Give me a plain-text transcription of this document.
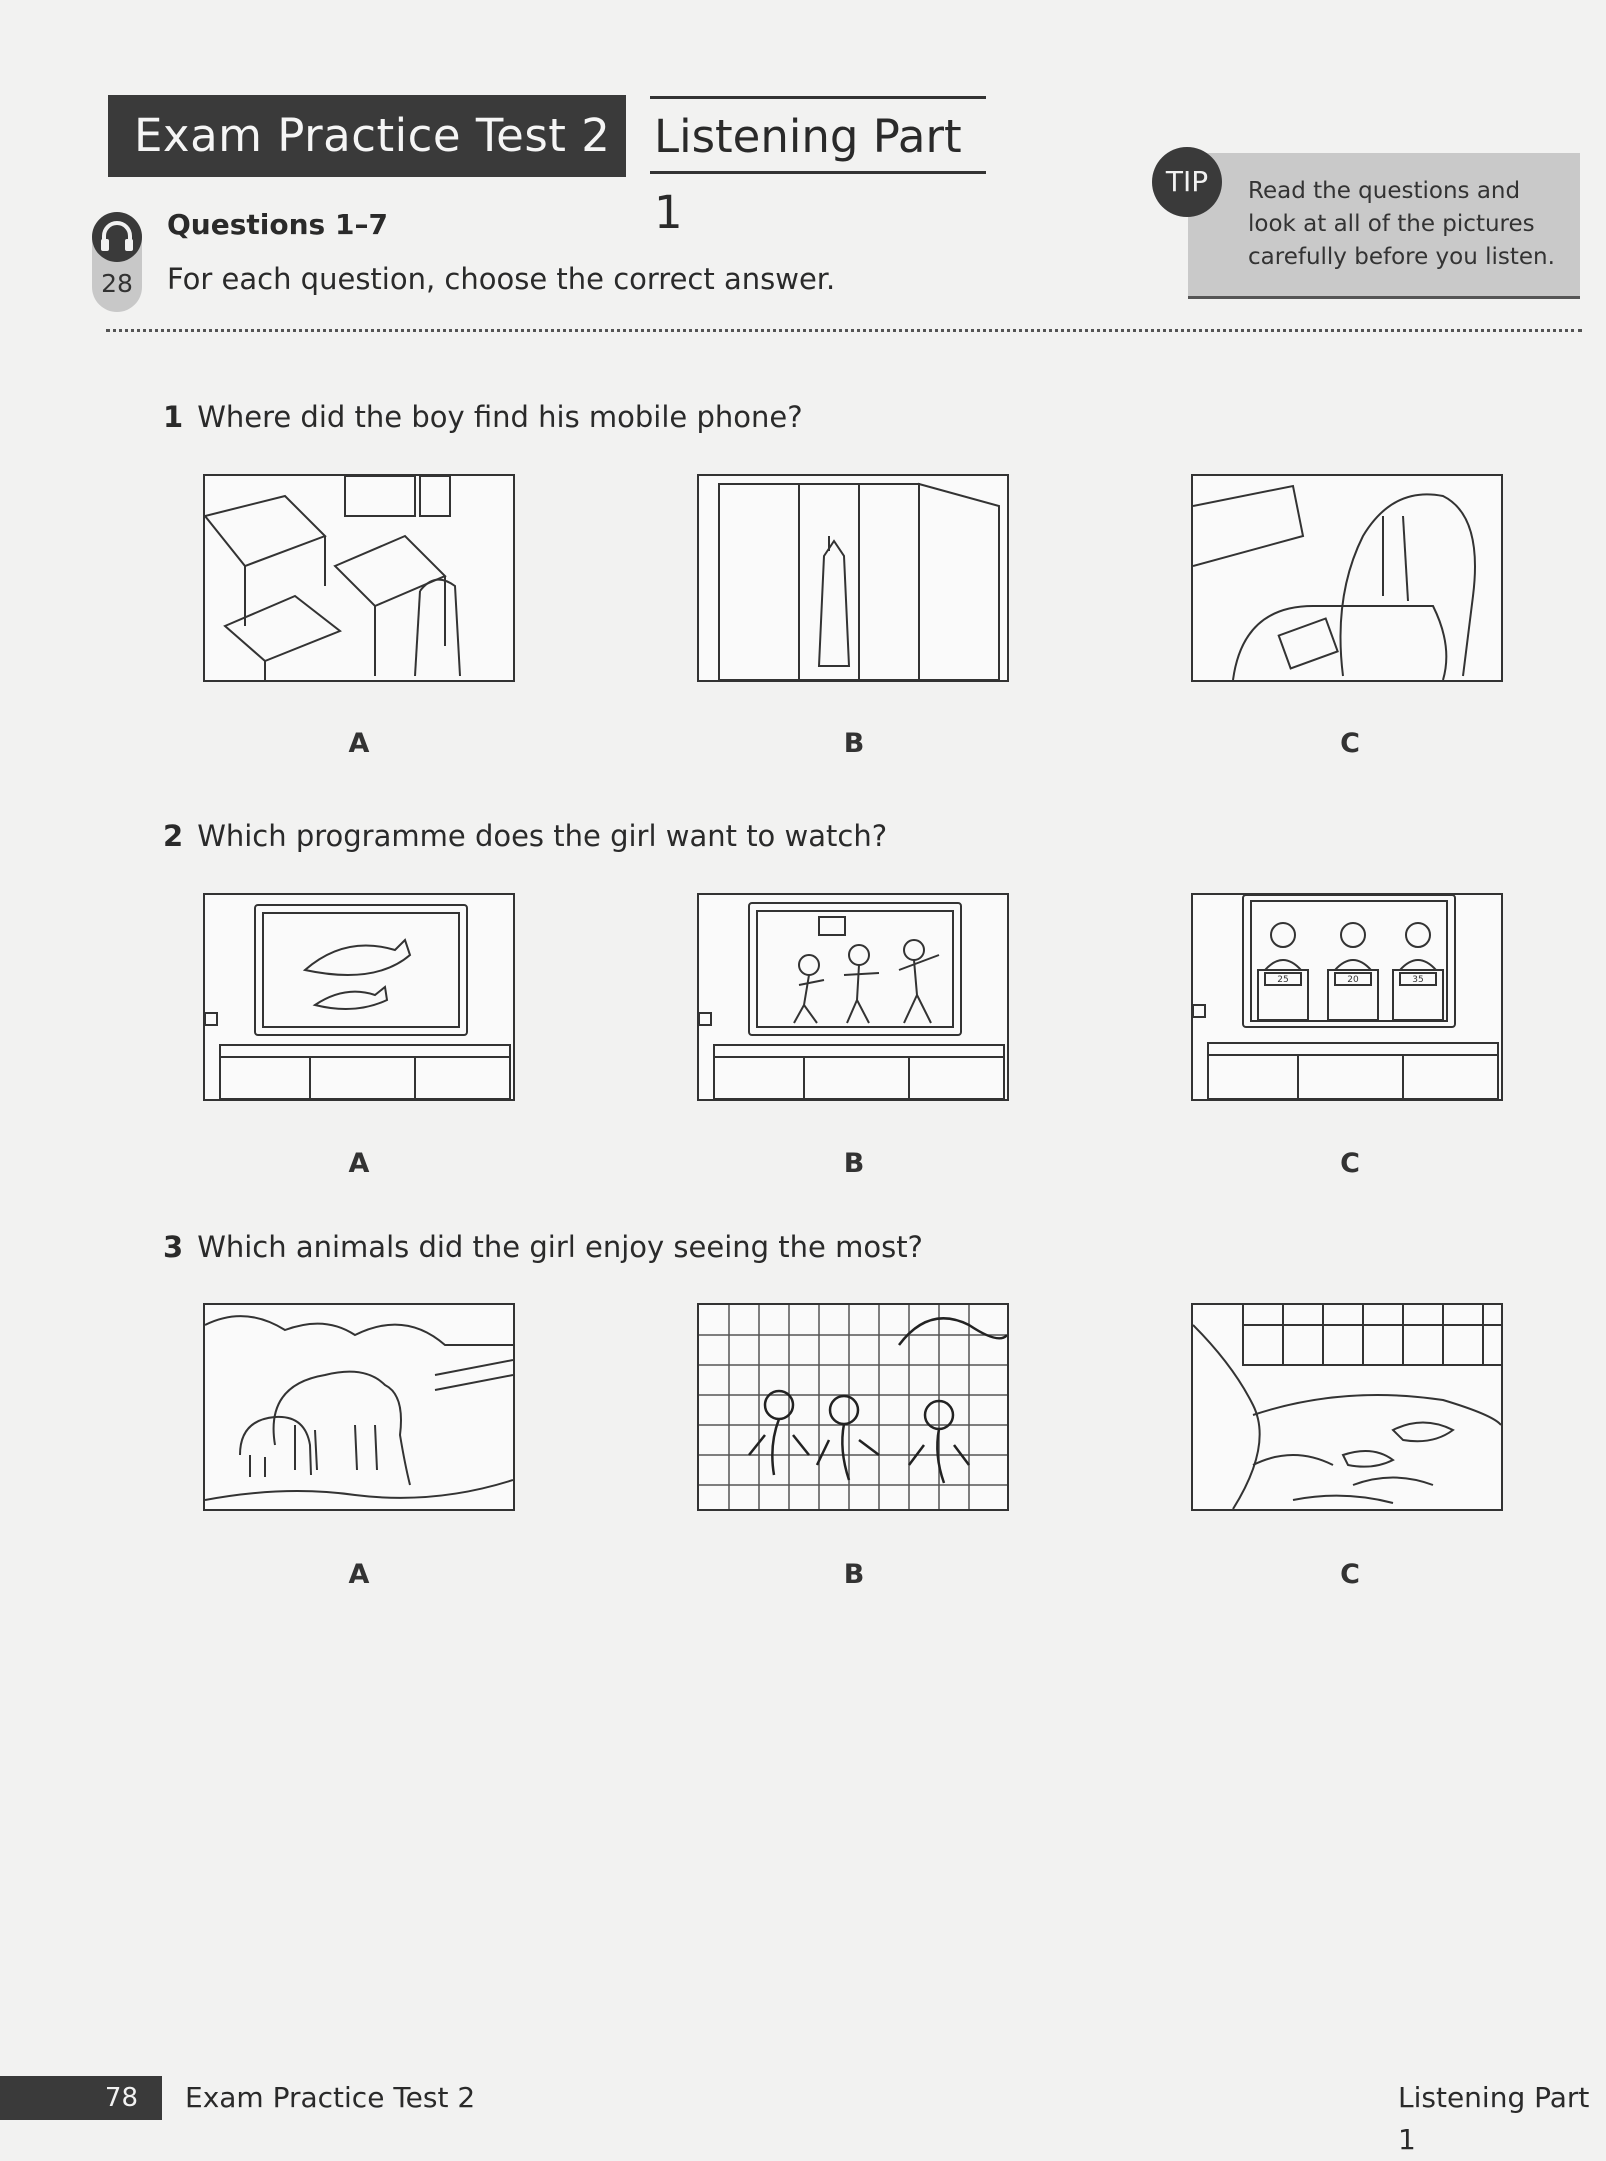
Exam Practice Test 2 Listening Part 1	Read the questions and look at all of the pictures carefully before you listen.
TIP
28
Questions 1–7
For each question, choose the correct answer.
1 Where did the boy find his mobile phone?
A	B	C
2 Which programme does the girl want to watch?
25	20	35
A	B	C
3 Which animals did the girl enjoy seeing the most?
A	B	C
78	Exam Practice Test 2	Listening Part 1
